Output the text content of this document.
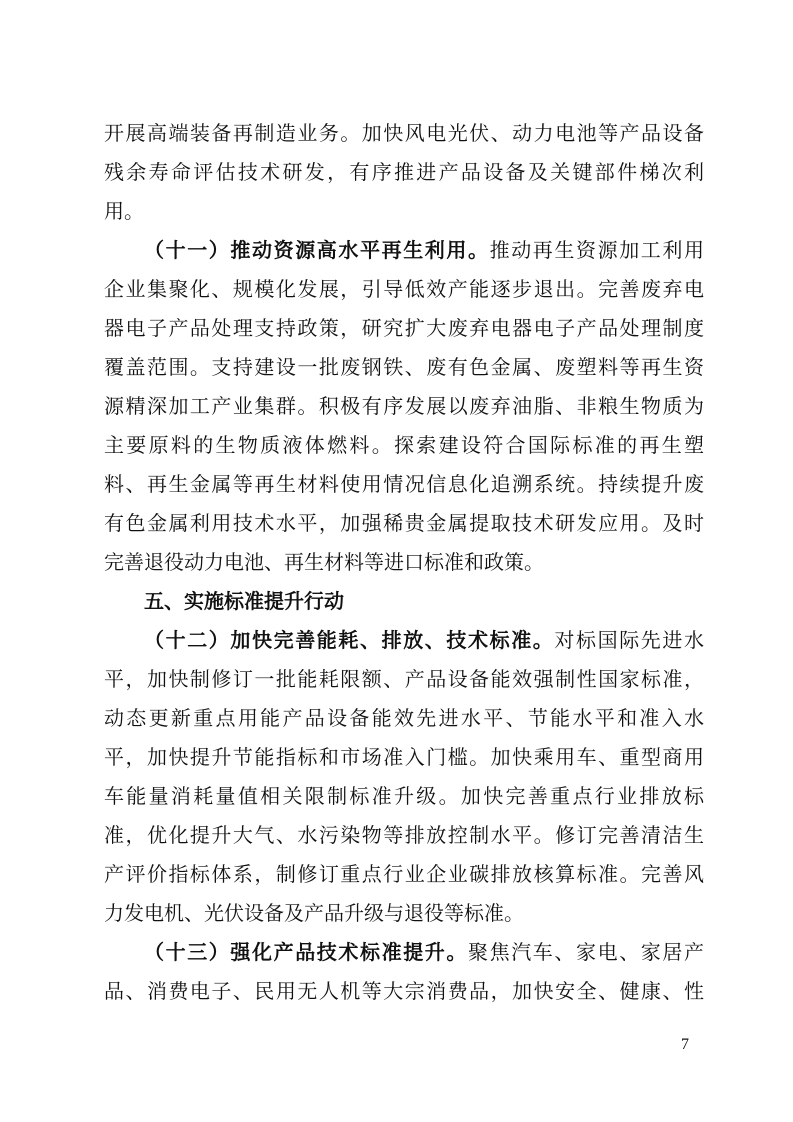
开展高端装备再制造业务。加快风电光伏、动力电池等产品设备
残余寿命评估技术研发，有序推进产品设备及关键部件梯次利
用。
（十一）推动资源高水平再生利用。推动再生资源加工利用
企业集聚化、规模化发展，引导低效产能逐步退出。完善废弃电
器电子产品处理支持政策，研究扩大废弃电器电子产品处理制度
覆盖范围。支持建设一批废钢铁、废有色金属、废塑料等再生资
源精深加工产业集群。积极有序发展以废弃油脂、非粮生物质为
主要原料的生物质液体燃料。探索建设符合国际标准的再生塑
料、再生金属等再生材料使用情况信息化追溯系统。持续提升废
有色金属利用技术水平，加强稀贵金属提取技术研发应用。及时
完善退役动力电池、再生材料等进口标准和政策。
五、实施标准提升行动
（十二）加快完善能耗、排放、技术标准。对标国际先进水
平，加快制修订一批能耗限额、产品设备能效强制性国家标准，
动态更新重点用能产品设备能效先进水平、节能水平和准入水
平，加快提升节能指标和市场准入门槛。加快乘用车、重型商用
车能量消耗量值相关限制标准升级。加快完善重点行业排放标
准，优化提升大气、水污染物等排放控制水平。修订完善清洁生
产评价指标体系，制修订重点行业企业碳排放核算标准。完善风
力发电机、光伏设备及产品升级与退役等标准。
（十三）强化产品技术标准提升。聚焦汽车、家电、家居产
品、消费电子、民用无人机等大宗消费品，加快安全、健康、性
7
